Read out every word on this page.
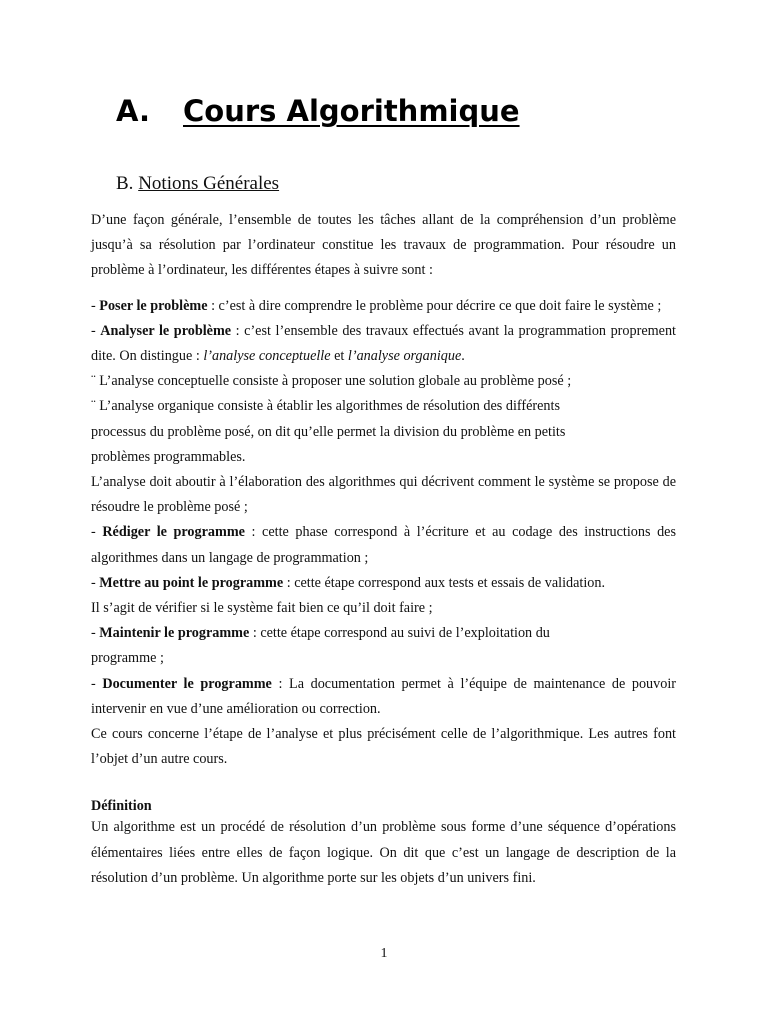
A. Cours Algorithmique
B. Notions Générales

D’une façon générale, l’ensemble de toutes les tâches allant de la compréhension d’un problème jusqu’à sa résolution par l’ordinateur constitue les travaux de programmation. Pour résoudre un problème à l’ordinateur, les différentes étapes à suivre sont :

- Poser le problème : c’est à dire comprendre le problème pour décrire ce que doit faire le système ;

- Analyser le problème : c’est l’ensemble des travaux effectués avant la programmation proprement dite. On distingue : l’analyse conceptuelle et l’analyse organique.

¨ L’analyse conceptuelle consiste à proposer une solution globale au problème posé ;

¨ L’analyse organique consiste à établir les algorithmes de résolution des différents

processus du problème posé, on dit qu’elle permet la division du problème en petits

problèmes programmables.

L’analyse doit aboutir à l’élaboration des algorithmes qui décrivent comment le système se propose de résoudre le problème posé ;

- Rédiger le programme : cette phase correspond à l’écriture et au codage des instructions des algorithmes dans un langage de programmation ;

- Mettre au point le programme : cette étape correspond aux tests et essais de validation.

Il s’agit de vérifier si le système fait bien ce qu’il doit faire ;

- Maintenir le programme : cette étape correspond au suivi de l’exploitation du

programme ;

- Documenter le programme : La documentation permet à l’équipe de maintenance de pouvoir intervenir en vue d’une amélioration ou correction.

Ce cours concerne l’étape de l’analyse et plus précisément celle de l’algorithmique. Les autres font l’objet d’un autre cours.

Définition

Un algorithme est un procédé de résolution d’un problème sous forme d’une séquence d’opérations élémentaires liées entre elles de façon logique. On dit que c’est un langage de description de la résolution d’un problème. Un algorithme porte sur les objets d’un univers fini.

1
